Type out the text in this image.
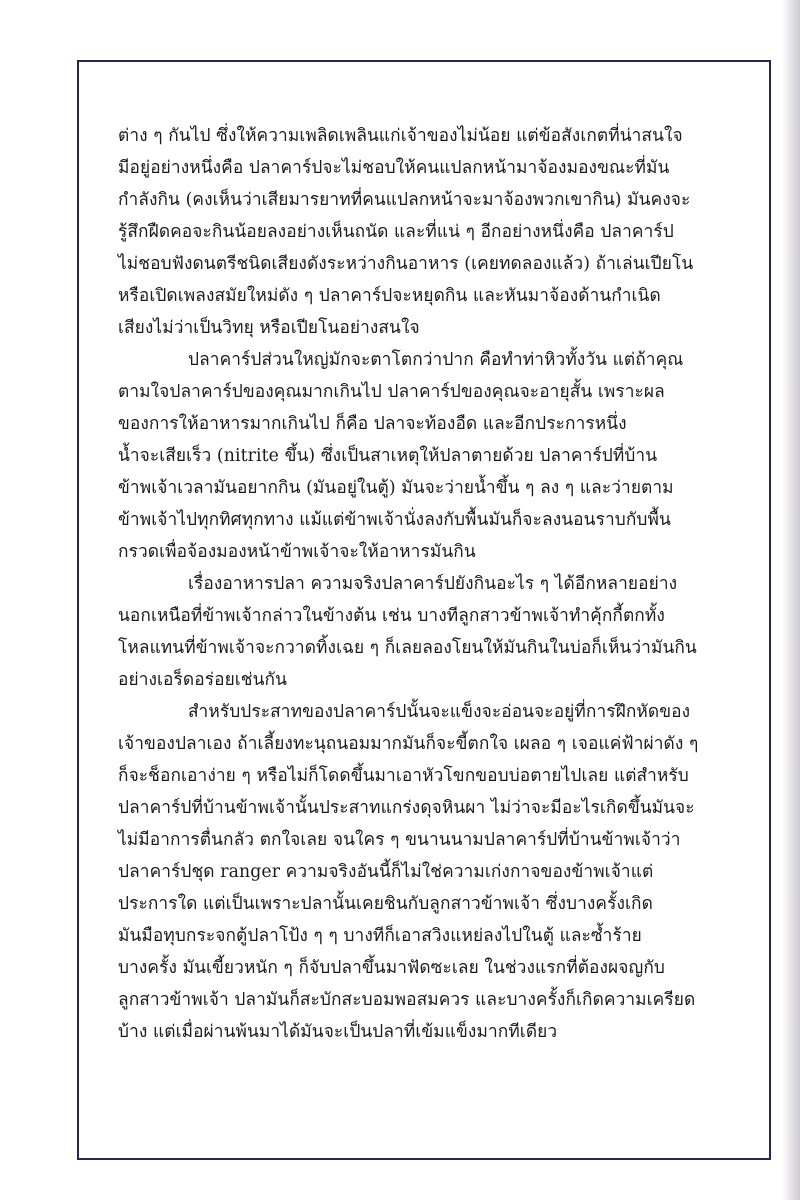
ต่าง ๆ กันไป ซึ่งให้ความเพลิดเพลินแก่เจ้าของไม่น้อย แต่ข้อสังเกตที่น่าสนใจ
มีอยู่อย่างหนึ่งคือ ปลาคาร์ปจะไม่ชอบให้คนแปลกหน้ามาจ้องมองขณะที่มัน
กำลังกิน (คงเห็นว่าเสียมารยาทที่คนแปลกหน้าจะมาจ้องพวกเขากิน) มันคงจะ
รู้สึกฝืดคอจะกินน้อยลงอย่างเห็นถนัด และที่แน่ ๆ อีกอย่างหนึ่งคือ ปลาคาร์ป
ไม่ชอบฟังดนตรีชนิดเสียงดังระหว่างกินอาหาร (เคยทดลองแล้ว) ถ้าเล่นเปียโน
หรือเปิดเพลงสมัยใหม่ดัง ๆ ปลาคาร์ปจะหยุดกิน และหันมาจ้องด้านกำเนิด
เสียงไม่ว่าเป็นวิทยุ หรือเปียโนอย่างสนใจ
ปลาคาร์ปส่วนใหญ่มักจะตาโตกว่าปาก คือทำท่าหิวทั้งวัน แต่ถ้าคุณ
ตามใจปลาคาร์ปของคุณมากเกินไป ปลาคาร์ปของคุณจะอายุสั้น เพราะผล
ของการให้อาหารมากเกินไป ก็คือ ปลาจะท้องอืด และอีกประการหนึ่ง
น้ำจะเสียเร็ว (nitrite ขึ้น) ซึ่งเป็นสาเหตุให้ปลาตายด้วย ปลาคาร์ปที่บ้าน
ข้าพเจ้าเวลามันอยากกิน (มันอยู่ในตู้) มันจะว่ายน้ำขึ้น ๆ ลง ๆ และว่ายตาม
ข้าพเจ้าไปทุกทิศทุกทาง แม้แต่ข้าพเจ้านั่งลงกับพื้นมันก็จะลงนอนราบกับพื้น
กรวดเพื่อจ้องมองหน้าข้าพเจ้าจะให้อาหารมันกิน
เรื่องอาหารปลา ความจริงปลาคาร์ปยังกินอะไร ๆ ได้อีกหลายอย่าง
นอกเหนือที่ข้าพเจ้ากล่าวในข้างต้น เช่น บางทีลูกสาวข้าพเจ้าทำคุ้กกี้ตกทั้ง
โหลแทนที่ข้าพเจ้าจะกวาดทิ้งเฉย ๆ ก็เลยลองโยนให้มันกินในบ่อก็เห็นว่ามันกิน
อย่างเอร็ดอร่อยเช่นกัน
สำหรับประสาทของปลาคาร์ปนั้นจะแข็งจะอ่อนจะอยู่ที่การฝึกหัดของ
เจ้าของปลาเอง ถ้าเลี้ยงทะนุถนอมมากมันก็จะขี้ตกใจ เผลอ ๆ เจอแค่ฟ้าผ่าดัง ๆ
ก็จะช็อกเอาง่าย ๆ หรือไม่ก็โดดขึ้นมาเอาหัวโขกขอบบ่อตายไปเลย แต่สำหรับ
ปลาคาร์ปที่บ้านข้าพเจ้านั้นประสาทแกร่งดุจหินผา ไม่ว่าจะมีอะไรเกิดขึ้นมันจะ
ไม่มีอาการตื่นกลัว ตกใจเลย จนใคร ๆ ขนานนามปลาคาร์ปที่บ้านข้าพเจ้าว่า
ปลาคาร์ปชุด ranger ความจริงอันนี้ก็ไม่ใช่ความเก่งกาจของข้าพเจ้าแต่
ประการใด แต่เป็นเพราะปลานั้นเคยชินกับลูกสาวข้าพเจ้า ซึ่งบางครั้งเกิด
มันมือทุบกระจกตู้ปลาโป้ง ๆ ๆ บางทีก็เอาสวิงแหย่ลงไปในตู้ และซ้ำร้าย
บางครั้ง มันเขี้ยวหนัก ๆ ก็จับปลาขึ้นมาฟัดซะเลย ในช่วงแรกที่ต้องผจญกับ
ลูกสาวข้าพเจ้า ปลามันก็สะบักสะบอมพอสมควร และบางครั้งก็เกิดความเครียด
บ้าง แต่เมื่อผ่านพ้นมาได้มันจะเป็นปลาที่เข้มแข็งมากทีเดียว
